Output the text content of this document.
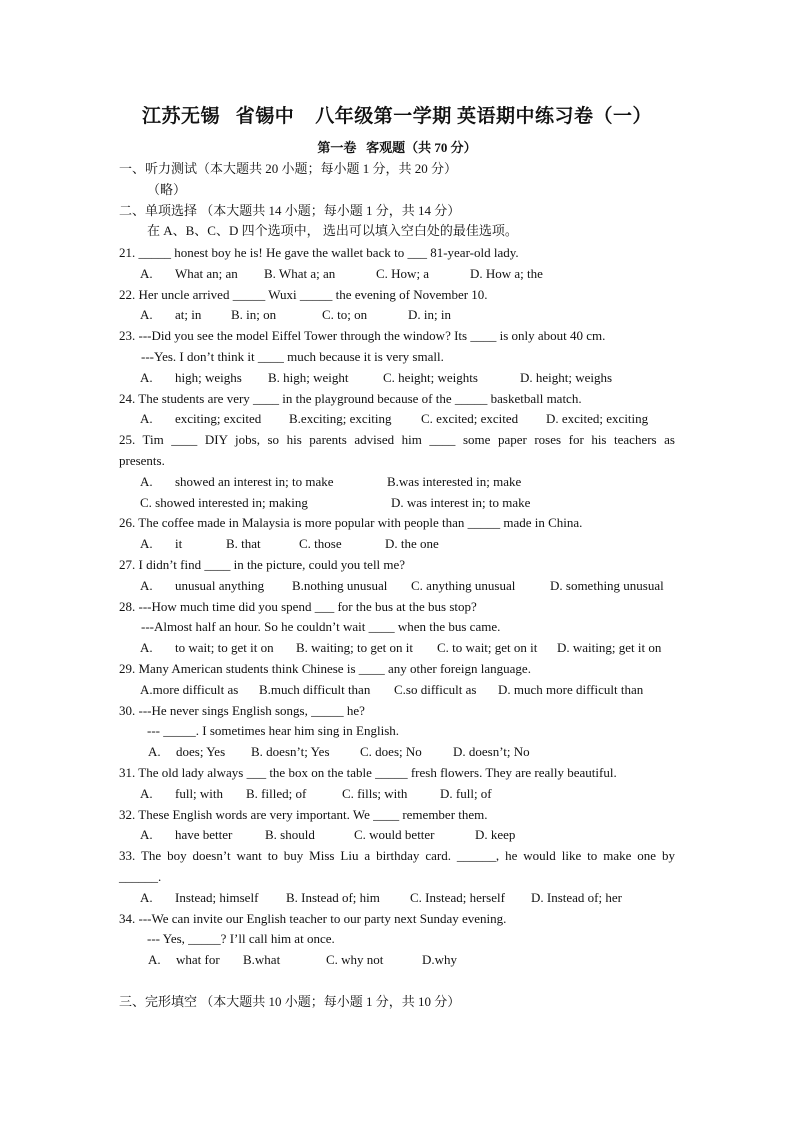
江苏无锡   省锡中    八年级第一学期 英语期中练习卷（一）
第一卷   客观题（共 70 分）
一、听力测试（本大题共 20 小题；每小题 1 分，共 20 分）
（略）
二、单项选择 （本大题共 14 小题；每小题 1 分，共 14 分）
在 A、B、C、D 四个选项中， 选出可以填入空白处的最佳选项。
21. _____ honest boy he is! He gave the wallet back to ___ 81-year-old lady.
A. What an; an B. What a; an	C. How; a	D. How a; the
22. Her uncle arrived _____ Wuxi _____ the evening of November 10.
A. at; in B. in; on	C. to; on	D. in; in
23. ---Did you see the model Eiffel Tower through the window? Its ____ is only about 40 cm.
---Yes. I don’t think it ____ much because it is very small.
A. high; weighs B. high; weight	C. height; weights	D. height; weighs
24. The students are very ____ in the playground because of the _____ basketball match.
A. exciting; excited B.exciting; exciting C. excited; excited D. excited; exciting
25. Tim ____ DIY jobs, so his parents advised him ____ some paper roses for his teachers as
presents.
A. showed an interest in; to make	B.was interested in; make
C. showed interested in; making	D. was interest in; to make
26. The coffee made in Malaysia is more popular with people than _____ made in China.
A. it	B. that	C. those	D. the one
27. I didn’t find ____ in the picture, could you tell me?
A. unusual anything B.nothing unusual C. anything unusual	D. something unusual
28. ---How much time did you spend ___ for the bus at the bus stop?
---Almost half an hour. So he couldn’t wait ____ when the bus came.
A. to wait; to get it on B. waiting; to get on it C. to wait; get on it D. waiting; get it on
29. Many American students think Chinese is ____ any other foreign language.
A.more difficult as B.much difficult than C.so difficult as D. much more difficult than
30. ---He never sings English songs, _____ he?
--- _____. I sometimes hear him sing in English.
A. does; Yes B. doesn’t; Yes C. does; No D. doesn’t; No
31. The old lady always ___ the box on the table _____ fresh flowers. They are really beautiful.
A. full; with B. filled; of	C. fills; with	D. full; of
32. These English words are very important. We ____ remember them.
A. have better	B. should	C. would better	D. keep
33. The boy doesn’t want to buy Miss Liu a birthday card. ______, he would like to make one by
______.
A. Instead; himself B. Instead of; him C. Instead; herself D. Instead of; her
34. ---We can invite our English teacher to our party next Sunday evening.
--- Yes, _____? I’ll call him at once.
A. what for B.what	C. why not	D.why
三、完形填空 （本大题共 10 小题；每小题 1 分，共 10 分）
